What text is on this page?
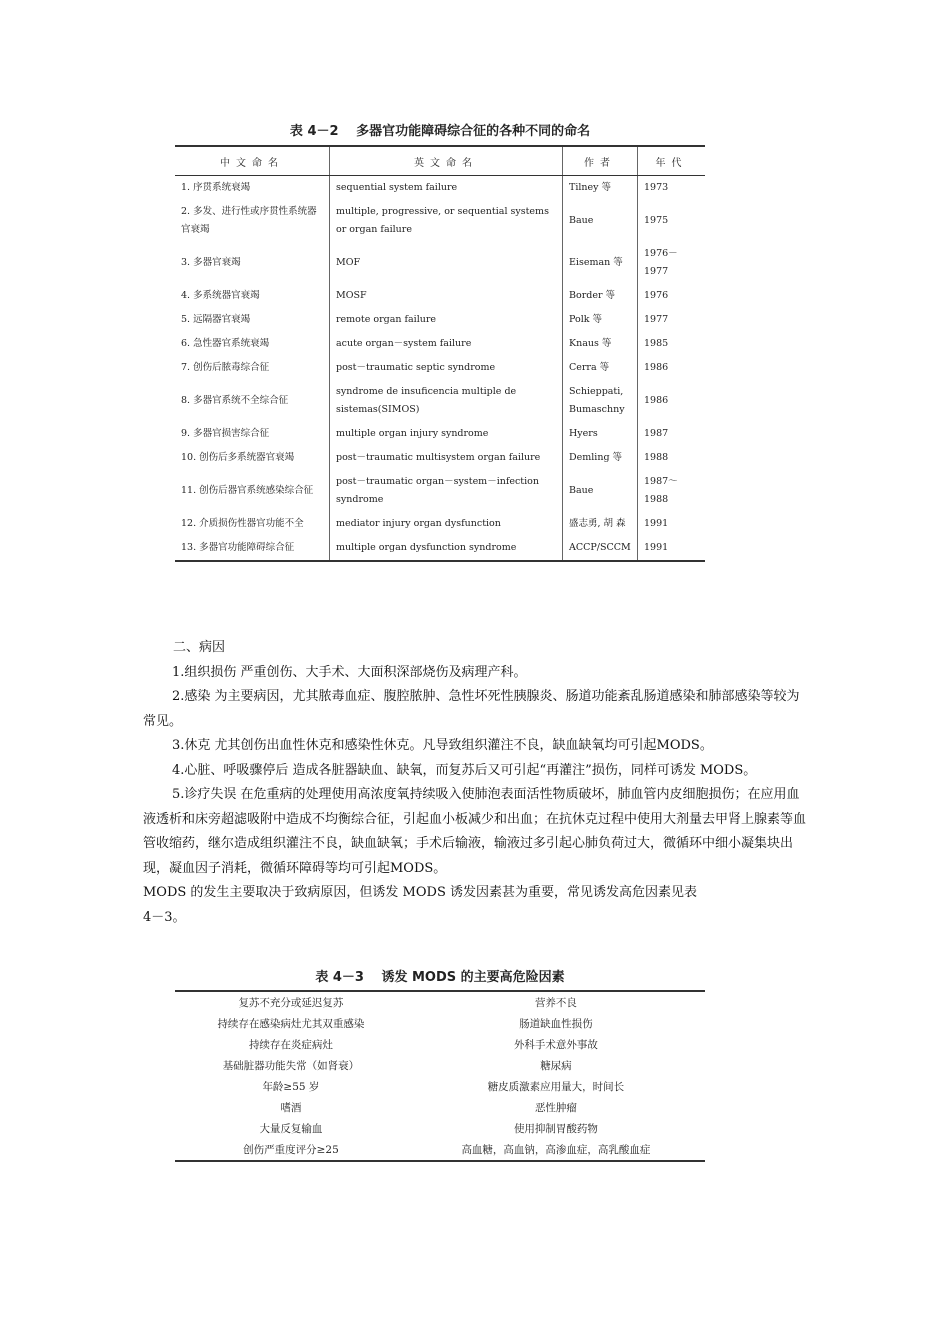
表 4－2　 多器官功能障碍综合征的各种不同的命名
中文命名	英文命名	作者	年代
1. 序贯系统衰竭	sequential system failure	Tilney 等	1973
2. 多发、进行性或序贯性系统器官衰竭	multiple, progressive, or sequential systems or organ failure	Baue	1975
3. 多器官衰竭	MOF	Eiseman 等	1976－1977
4. 多系统器官衰竭	MOSF	Border 等	1976
5. 远隔器官衰竭	remote organ failure	Polk 等	1977
6. 急性器官系统衰竭	acute organ－system failure	Knaus 等	1985
7. 创伤后脓毒综合征	post－traumatic septic syndrome	Cerra 等	1986
8. 多器官系统不全综合征	syndrome de insuficencia multiple de sistemas(SIMOS)	Schieppati, Bumaschny	1986
9. 多器官损害综合征	multiple organ injury syndrome	Hyers	1987
10. 创伤后多系统器官衰竭	post－traumatic multisystem organ failure	Demling 等	1988
11. 创伤后器官系统感染综合征	post－traumatic organ－system－infection syndrome	Baue	1987～1988
12. 介质损伤性器官功能不全	mediator injury organ dysfunction	盛志勇, 胡 森	1991
13. 多器官功能障碍综合征	multiple organ dysfunction syndrome	ACCP/SCCM	1991

二、病因

1.组织损伤 严重创伤、大手术、大面积深部烧伤及病理产科。

2.感染 为主要病因，尤其脓毒血症、腹腔脓肿、急性坏死性胰腺炎、肠道功能紊乱肠道感染和肺部感染等较为常见。

3.休克 尤其创伤出血性休克和感染性休克。凡导致组织灌注不良，缺血缺氧均可引起MODS。

4.心脏、呼吸骤停后 造成各脏器缺血、缺氧，而复苏后又可引起“再灌注”损伤，同样可诱发 MODS。

5.诊疗失误 在危重病的处理使用高浓度氧持续吸入使肺泡表面活性物质破坏，肺血管内皮细胞损伤；在应用血液透析和床旁超滤吸附中造成不均衡综合征，引起血小板减少和出血；在抗休克过程中使用大剂量去甲肾上腺素等血管收缩药，继尔造成组织灌注不良，缺血缺氧；手术后输液，输液过多引起心肺负荷过大，微循环中细小凝集块出现，凝血因子消耗，微循环障碍等均可引起MODS。

MODS 的发生主要取决于致病原因，但诱发 MODS 诱发因素甚为重要，常见诱发高危因素见表

4－3。

表 4－3　 诱发 MODS 的主要高危险因素
复苏不充分或延迟复苏	营养不良
持续存在感染病灶尤其双重感染	肠道缺血性损伤
持续存在炎症病灶	外科手术意外事故
基础脏器功能失常（如肾衰）	糖尿病
年龄≥55 岁	糖皮质激素应用量大，时间长
嗜酒	恶性肿瘤
大量反复输血	使用抑制胃酸药物
创伤严重度评分≥25	高血糖，高血钠，高渗血症，高乳酸血症
